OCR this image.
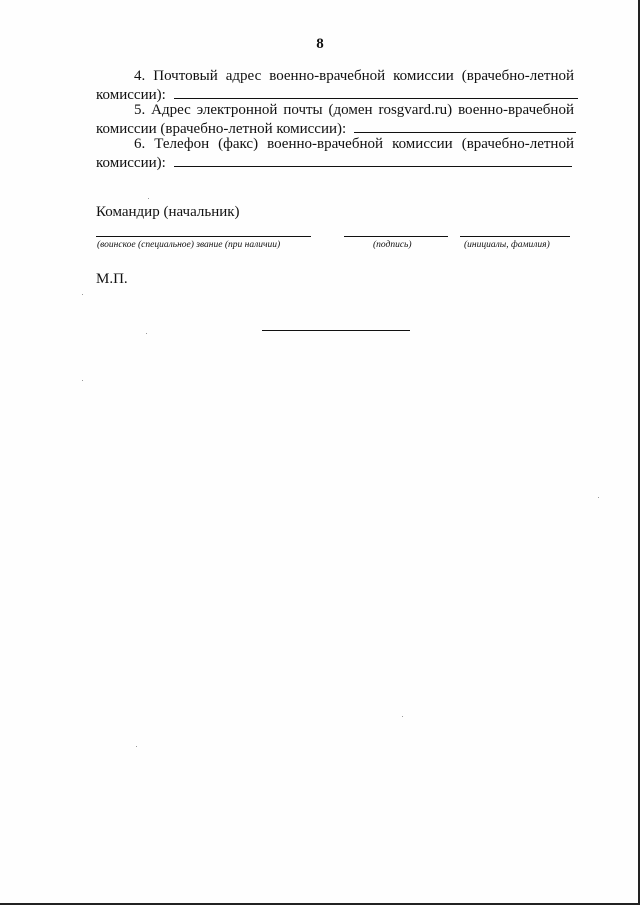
8
4. Почтовый адрес военно-врачебной комиссии (врачебно-летной
комиссии):
5. Адрес электронной почты (домен rosgvard.ru) военно-врачебной
комиссии (врачебно-летной комиссии):
6. Телефон (факс) военно-врачебной комиссии (врачебно-летной
комиссии):
Командир (начальник)
(воинское (специальное) звание (при наличии)	(подпись)	(инициалы, фамилия)
М.П.
